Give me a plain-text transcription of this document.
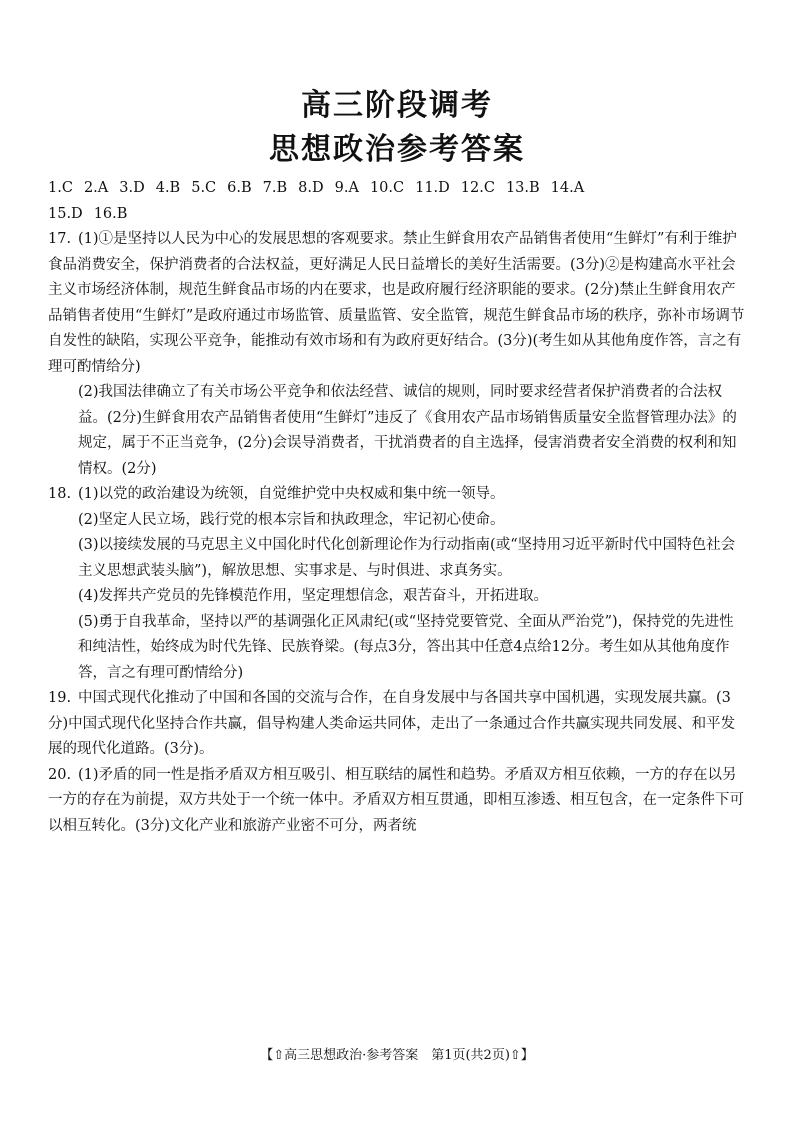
高三阶段调考
思想政治参考答案

1.C 2.A 3.D 4.B 5.C 6.B 7.B 8.D 9.A 10.C 11.D 12.C 13.B 14.A

15.D 16.B

17. (1)①是坚持以人民为中心的发展思想的客观要求。禁止生鲜食用农产品销售者使用“生鲜灯”有利于维护食品消费安全，保护消费者的合法权益，更好满足人民日益增长的美好生活需要。(3分)②是构建高水平社会主义市场经济体制，规范生鲜食品市场的内在要求，也是政府履行经济职能的要求。(2分)禁止生鲜食用农产品销售者使用“生鲜灯”是政府通过市场监管、质量监管、安全监管，规范生鲜食品市场的秩序，弥补市场调节自发性的缺陷，实现公平竞争，能推动有效市场和有为政府更好结合。(3分)(考生如从其他角度作答，言之有理可酌情给分)

(2)我国法律确立了有关市场公平竞争和依法经营、诚信的规则，同时要求经营者保护消费者的合法权益。(2分)生鲜食用农产品销售者使用“生鲜灯”违反了《食用农产品市场销售质量安全监督管理办法》的规定，属于不正当竞争，(2分)会误导消费者，干扰消费者的自主选择，侵害消费者安全消费的权利和知情权。(2分)

18. (1)以党的政治建设为统领，自觉维护党中央权威和集中统一领导。

(2)坚定人民立场，践行党的根本宗旨和执政理念，牢记初心使命。

(3)以接续发展的马克思主义中国化时代化创新理论作为行动指南(或“坚持用习近平新时代中国特色社会主义思想武装头脑”)，解放思想、实事求是、与时俱进、求真务实。

(4)发挥共产党员的先锋模范作用，坚定理想信念，艰苦奋斗，开拓进取。

(5)勇于自我革命，坚持以严的基调强化正风肃纪(或“坚持党要管党、全面从严治党”)，保持党的先进性和纯洁性，始终成为时代先锋、民族脊梁。(每点3分，答出其中任意4点给12分。考生如从其他角度作答，言之有理可酌情给分)

19. 中国式现代化推动了中国和各国的交流与合作，在自身发展中与各国共享中国机遇，实现发展共赢。(3分)中国式现代化坚持合作共赢，倡导构建人类命运共同体，走出了一条通过合作共赢实现共同发展、和平发展的现代化道路。(3分)。

20. (1)矛盾的同一性是指矛盾双方相互吸引、相互联结的属性和趋势。矛盾双方相互依赖，一方的存在以另一方的存在为前提，双方共处于一个统一体中。矛盾双方相互贯通，即相互渗透、相互包含，在一定条件下可以相互转化。(3分)文化产业和旅游产业密不可分，两者统

【⇧高三思想政治·参考答案　第1页(共2页)⇧】
